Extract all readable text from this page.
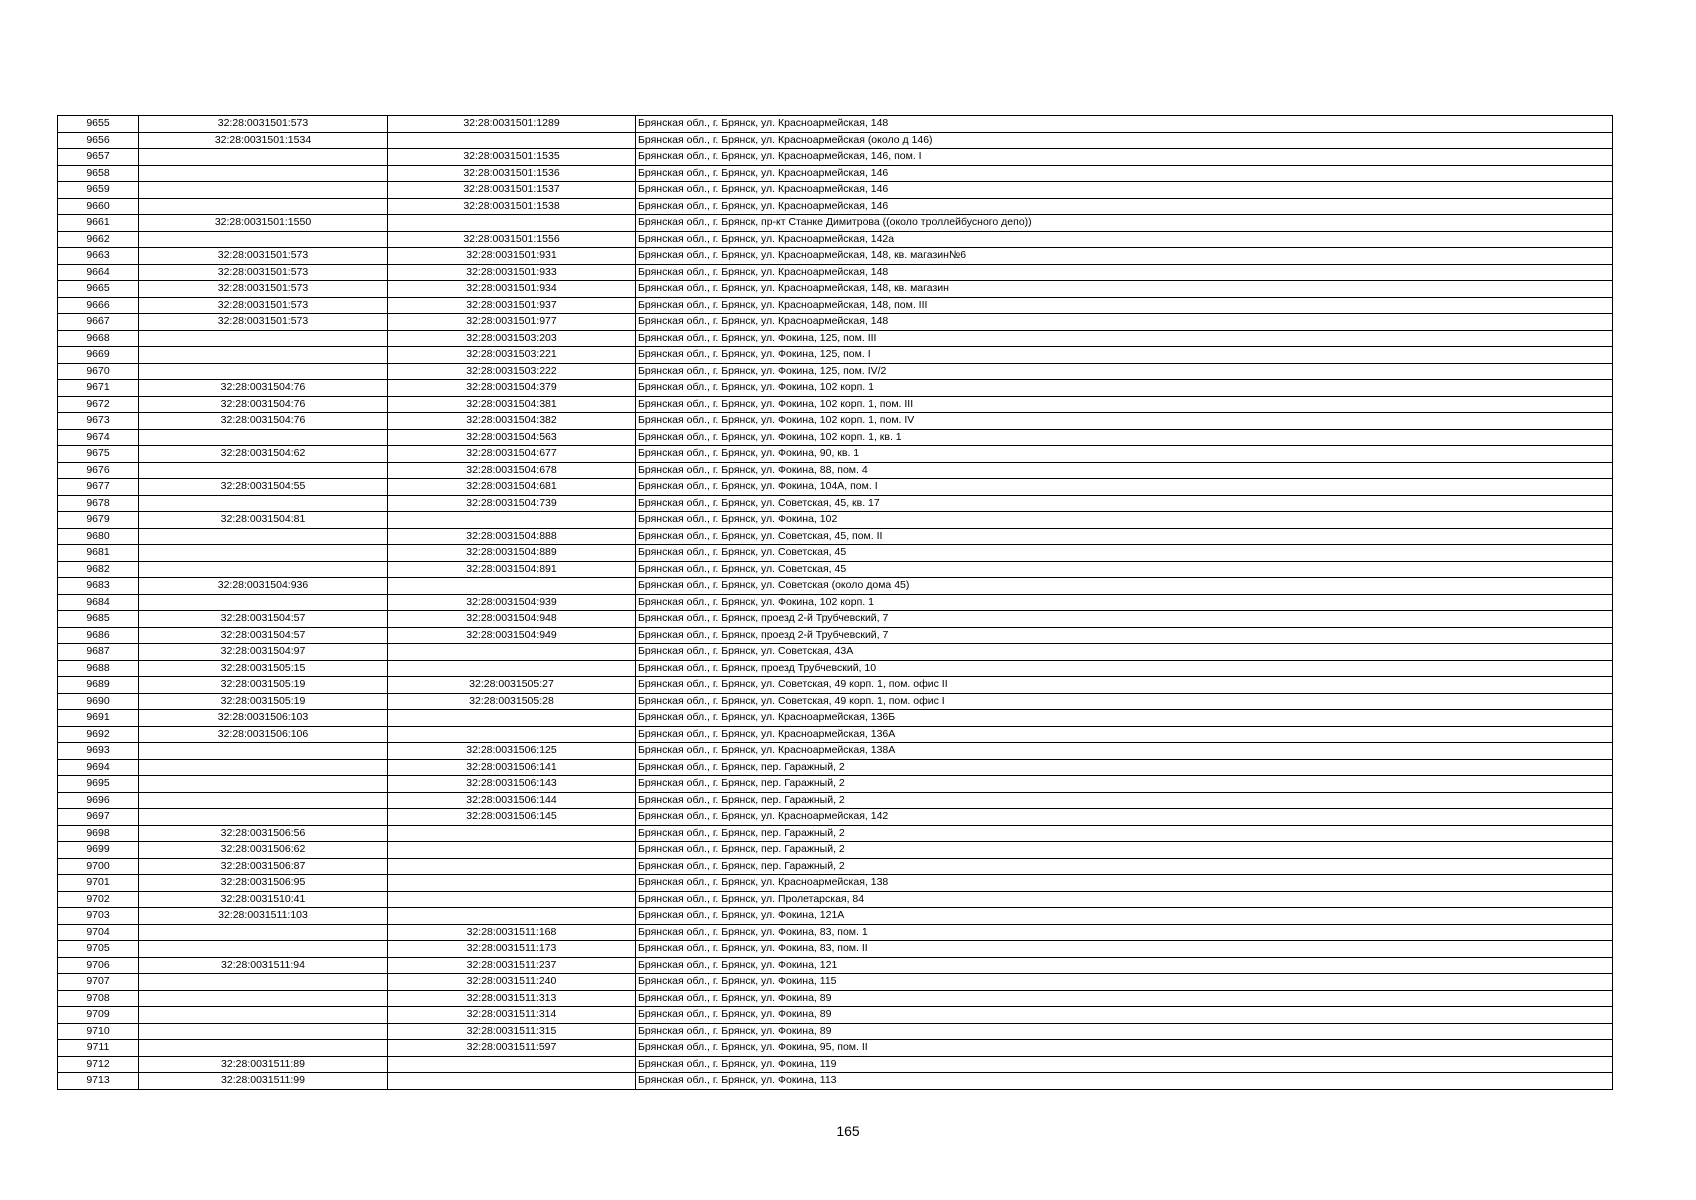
9655	32:28:0031501:573	32:28:0031501:1289	Брянская обл., г. Брянск, ул. Красноармейская, 148
9656	32:28:0031501:1534		Брянская обл., г. Брянск, ул. Красноармейская (около д 146)
9657		32:28:0031501:1535	Брянская обл., г. Брянск, ул. Красноармейская, 146, пом. I
9658		32:28:0031501:1536	Брянская обл., г. Брянск, ул. Красноармейская, 146
9659		32:28:0031501:1537	Брянская обл., г. Брянск, ул. Красноармейская, 146
9660		32:28:0031501:1538	Брянская обл., г. Брянск, ул. Красноармейская, 146
9661	32:28:0031501:1550		Брянская обл., г. Брянск, пр-кт Станке Димитрова ((около троллейбусного депо))
9662		32:28:0031501:1556	Брянская обл., г. Брянск, ул. Красноармейская, 142а
9663	32:28:0031501:573	32:28:0031501:931	Брянская обл., г. Брянск, ул. Красноармейская, 148, кв. магазин№6
9664	32:28:0031501:573	32:28:0031501:933	Брянская обл., г. Брянск, ул. Красноармейская, 148
9665	32:28:0031501:573	32:28:0031501:934	Брянская обл., г. Брянск, ул. Красноармейская, 148, кв. магазин
9666	32:28:0031501:573	32:28:0031501:937	Брянская обл., г. Брянск, ул. Красноармейская, 148, пом. III
9667	32:28:0031501:573	32:28:0031501:977	Брянская обл., г. Брянск, ул. Красноармейская, 148
9668		32:28:0031503:203	Брянская обл., г. Брянск, ул. Фокина, 125, пом. III
9669		32:28:0031503:221	Брянская обл., г. Брянск, ул. Фокина, 125, пом. I
9670		32:28:0031503:222	Брянская обл., г. Брянск, ул. Фокина, 125, пом. IV/2
9671	32:28:0031504:76	32:28:0031504:379	Брянская обл., г. Брянск, ул. Фокина, 102 корп. 1
9672	32:28:0031504:76	32:28:0031504:381	Брянская обл., г. Брянск, ул. Фокина, 102 корп. 1, пом. III
9673	32:28:0031504:76	32:28:0031504:382	Брянская обл., г. Брянск, ул. Фокина, 102 корп. 1, пом. IV
9674		32:28:0031504:563	Брянская обл., г. Брянск, ул. Фокина, 102 корп. 1, кв. 1
9675	32:28:0031504:62	32:28:0031504:677	Брянская обл., г. Брянск, ул. Фокина, 90, кв. 1
9676		32:28:0031504:678	Брянская обл., г. Брянск, ул. Фокина, 88, пом. 4
9677	32:28:0031504:55	32:28:0031504:681	Брянская обл., г. Брянск, ул. Фокина, 104А, пом. I
9678		32:28:0031504:739	Брянская обл., г. Брянск, ул. Советская, 45, кв. 17
9679	32:28:0031504:81		Брянская обл., г. Брянск, ул. Фокина, 102
9680		32:28:0031504:888	Брянская обл., г. Брянск, ул. Советская, 45, пом. II
9681		32:28:0031504:889	Брянская обл., г. Брянск, ул. Советская, 45
9682		32:28:0031504:891	Брянская обл., г. Брянск, ул. Советская, 45
9683	32:28:0031504:936		Брянская обл., г. Брянск, ул. Советская (около дома 45)
9684		32:28:0031504:939	Брянская обл., г. Брянск, ул. Фокина, 102 корп. 1
9685	32:28:0031504:57	32:28:0031504:948	Брянская обл., г. Брянск, проезд 2-й Трубчевский, 7
9686	32:28:0031504:57	32:28:0031504:949	Брянская обл., г. Брянск, проезд 2-й Трубчевский, 7
9687	32:28:0031504:97		Брянская обл., г. Брянск, ул. Советская, 43А
9688	32:28:0031505:15		Брянская обл., г. Брянск, проезд Трубчевский, 10
9689	32:28:0031505:19	32:28:0031505:27	Брянская обл., г. Брянск, ул. Советская, 49 корп. 1, пом. офис II
9690	32:28:0031505:19	32:28:0031505:28	Брянская обл., г. Брянск, ул. Советская, 49 корп. 1, пом. офис I
9691	32:28:0031506:103		Брянская обл., г. Брянск, ул. Красноармейская, 136Б
9692	32:28:0031506:106		Брянская обл., г. Брянск, ул. Красноармейская, 136А
9693		32:28:0031506:125	Брянская обл., г. Брянск, ул. Красноармейская, 138А
9694		32:28:0031506:141	Брянская обл., г. Брянск, пер. Гаражный, 2
9695		32:28:0031506:143	Брянская обл., г. Брянск, пер. Гаражный, 2
9696		32:28:0031506:144	Брянская обл., г. Брянск, пер. Гаражный, 2
9697		32:28:0031506:145	Брянская обл., г. Брянск, ул. Красноармейская, 142
9698	32:28:0031506:56		Брянская обл., г. Брянск, пер. Гаражный, 2
9699	32:28:0031506:62		Брянская обл., г. Брянск, пер. Гаражный, 2
9700	32:28:0031506:87		Брянская обл., г. Брянск, пер. Гаражный, 2
9701	32:28:0031506:95		Брянская обл., г. Брянск, ул. Красноармейская, 138
9702	32:28:0031510:41		Брянская обл., г. Брянск, ул. Пролетарская, 84
9703	32:28:0031511:103		Брянская обл., г. Брянск, ул. Фокина, 121А
9704		32:28:0031511:168	Брянская обл., г. Брянск, ул. Фокина, 83, пом. 1
9705		32:28:0031511:173	Брянская обл., г. Брянск, ул. Фокина, 83, пом. II
9706	32:28:0031511:94	32:28:0031511:237	Брянская обл., г. Брянск, ул. Фокина, 121
9707		32:28:0031511:240	Брянская обл., г. Брянск, ул. Фокина, 115
9708		32:28:0031511:313	Брянская обл., г. Брянск, ул. Фокина, 89
9709		32:28:0031511:314	Брянская обл., г. Брянск, ул. Фокина, 89
9710		32:28:0031511:315	Брянская обл., г. Брянск, ул. Фокина, 89
9711		32:28:0031511:597	Брянская обл., г. Брянск, ул. Фокина, 95, пом. II
9712	32:28:0031511:89		Брянская обл., г. Брянск, ул. Фокина, 119
9713	32:28:0031511:99		Брянская обл., г. Брянск, ул. Фокина, 113
165
